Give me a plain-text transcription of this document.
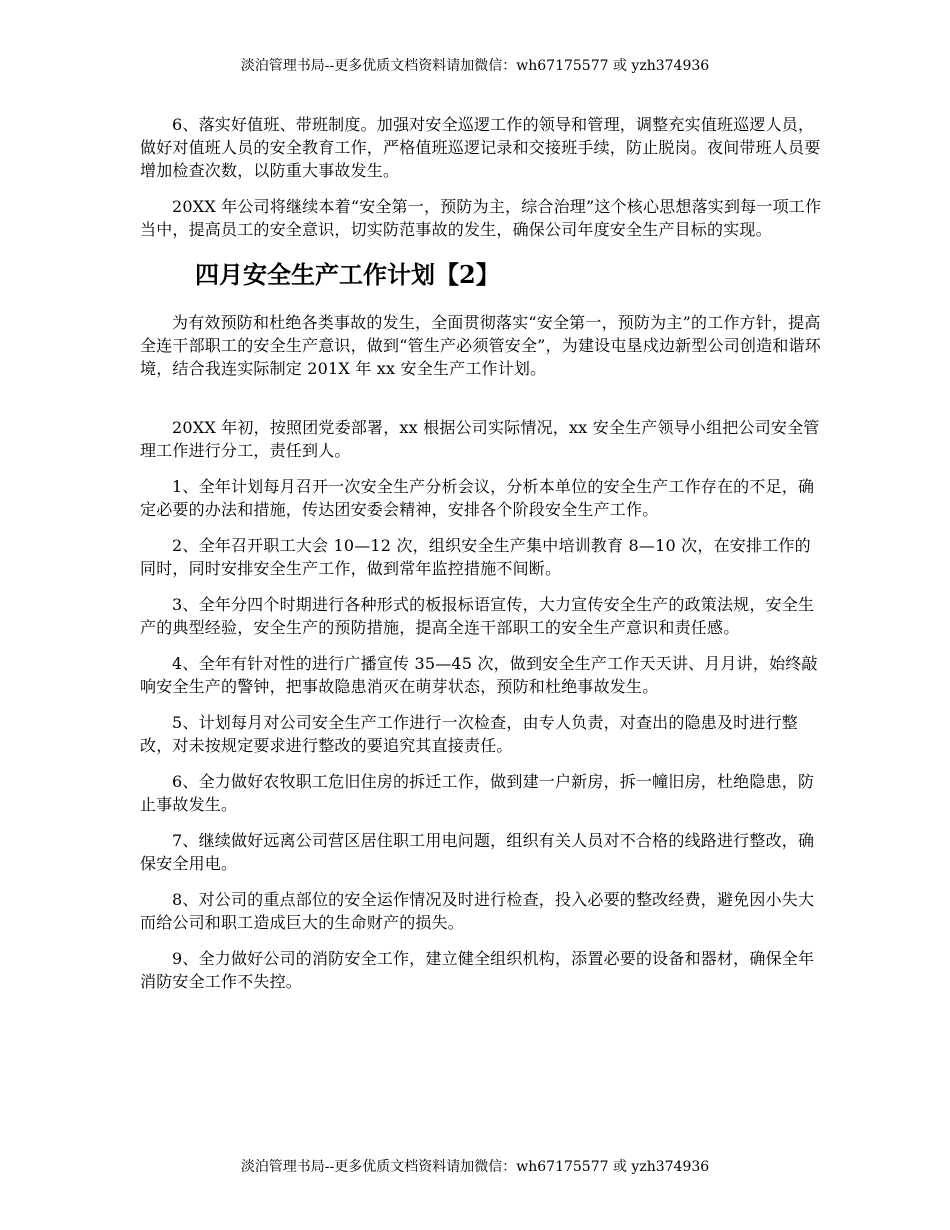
淡泊管理书局--更多优质文档资料请加微信：wh67175577 或 yzh374936

6、落实好值班、带班制度。加强对安全巡逻工作的领导和管理，调整充实值班巡逻人员，做好对值班人员的安全教育工作，严格值班巡逻记录和交接班手续，防止脱岗。夜间带班人员要增加检查次数，以防重大事故发生。

20XX 年公司将继续本着“安全第一，预防为主，综合治理”这个核心思想落实到每一项工作当中，提高员工的安全意识，切实防范事故的发生，确保公司年度安全生产目标的实现。

四月安全生产工作计划【2】

为有效预防和杜绝各类事故的发生，全面贯彻落实“安全第一，预防为主”的工作方针，提高全连干部职工的安全生产意识，做到“管生产必须管安全”，为建设屯垦戍边新型公司创造和谐环境，结合我连实际制定 201X 年 xx 安全生产工作计划。

20XX 年初，按照团党委部署，xx 根据公司实际情况，xx 安全生产领导小组把公司安全管理工作进行分工，责任到人。

1、全年计划每月召开一次安全生产分析会议，分析本单位的安全生产工作存在的不足，确定必要的办法和措施，传达团安委会精神，安排各个阶段安全生产工作。

2、全年召开职工大会 10—12 次，组织安全生产集中培训教育 8—10 次，在安排工作的同时，同时安排安全生产工作，做到常年监控措施不间断。

3、全年分四个时期进行各种形式的板报标语宣传，大力宣传安全生产的政策法规，安全生产的典型经验，安全生产的预防措施，提高全连干部职工的安全生产意识和责任感。

4、全年有针对性的进行广播宣传 35—45 次，做到安全生产工作天天讲、月月讲，始终敲响安全生产的警钟，把事故隐患消灭在萌芽状态，预防和杜绝事故发生。

5、计划每月对公司安全生产工作进行一次检查，由专人负责，对查出的隐患及时进行整改，对未按规定要求进行整改的要追究其直接责任。

6、全力做好农牧职工危旧住房的拆迁工作，做到建一户新房，拆一幢旧房，杜绝隐患，防止事故发生。

7、继续做好远离公司营区居住职工用电问题，组织有关人员对不合格的线路进行整改，确保安全用电。

8、对公司的重点部位的安全运作情况及时进行检查，投入必要的整改经费，避免因小失大而给公司和职工造成巨大的生命财产的损失。

9、全力做好公司的消防安全工作，建立健全组织机构，添置必要的设备和器材，确保全年消防安全工作不失控。

淡泊管理书局--更多优质文档资料请加微信：wh67175577 或 yzh374936
